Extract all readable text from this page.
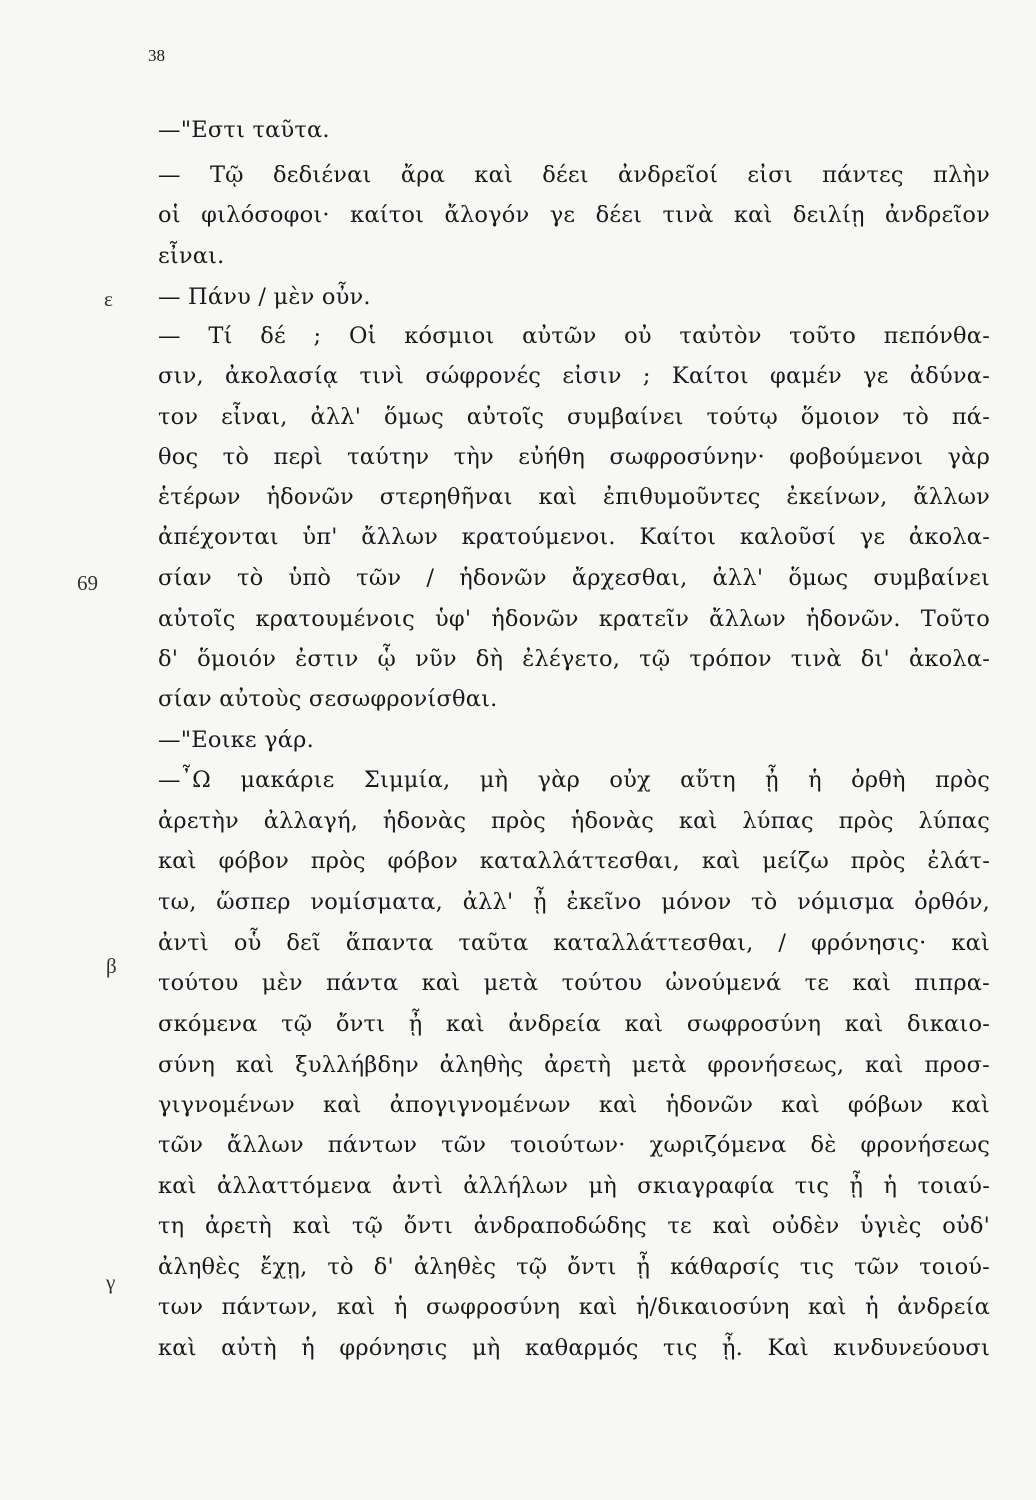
38
ε
69
β
γ
—"Εστι ταῦτα.
— Τῷ δεδιέναι ἄρα καὶ δέει ἀνδρεῖοί εἰσι πάντες πλὴν
οἱ φιλόσοφοι· καίτοι ἄλογόν γε δέει τινὰ καὶ δειλίῃ ἀνδρεῖον
εἶναι.
— Πάνυ / μὲν οὖν.
— Τί δέ ; Οἱ κόσμιοι αὐτῶν οὐ ταὐτὸν τοῦτο πεπόνθα-
σιν, ἀκολασίᾳ τινὶ σώφρονές εἰσιν ; Καίτοι φαμέν γε ἀδύνα-
τον εἶναι, ἀλλ' ὅμως αὐτοῖς συμβαίνει τούτῳ ὅμοιον τὸ πά-
θος τὸ περὶ ταύτην τὴν εὐήθη σωφροσύνην· φοβούμενοι γὰρ
ἑτέρων ἡδονῶν στερηθῆναι καὶ ἐπιθυμοῦντες ἐκείνων, ἄλλων
ἀπέχονται ὑπ' ἄλλων κρατούμενοι. Καίτοι καλοῦσί γε ἀκολα-
σίαν τὸ ὑπὸ τῶν / ἡδονῶν ἄρχεσθαι, ἀλλ' ὅμως συμβαίνει
αὐτοῖς κρατουμένοις ὑφ' ἡδονῶν κρατεῖν ἄλλων ἡδονῶν. Τοῦτο
δ' ὅμοιόν ἐστιν ᾧ νῦν δὴ ἐλέγετο, τῷ τρόπον τινὰ δι' ἀκολα-
σίαν αὐτοὺς σεσωφρονίσθαι.
—"Εοικε γάρ.
—῏Ω μακάριε Σιμμία, μὴ γὰρ οὐχ αὕτη ᾖ ἡ ὀρθὴ πρὸς
ἀρετὴν ἀλλαγή, ἡδονὰς πρὸς ἡδονὰς καὶ λύπας πρὸς λύπας
καὶ φόβον πρὸς φόβον καταλλάττεσθαι, καὶ μείζω πρὸς ἐλάτ-
τω, ὥσπερ νομίσματα, ἀλλ' ᾖ ἐκεῖνο μόνον τὸ νόμισμα ὀρθόν,
ἀντὶ οὗ δεῖ ἅπαντα ταῦτα καταλλάττεσθαι, / φρόνησις· καὶ
τούτου μὲν πάντα καὶ μετὰ τούτου ὠνούμενά τε καὶ πιπρα-
σκόμενα τῷ ὄντι ᾖ καὶ ἀνδρεία καὶ σωφροσύνη καὶ δικαιο-
σύνη καὶ ξυλλήβδην ἀληθὴς ἀρετὴ μετὰ φρονήσεως, καὶ προσ-
γιγνομένων καὶ ἀπογιγνομένων καὶ ἡδονῶν καὶ φόβων καὶ
τῶν ἄλλων πάντων τῶν τοιούτων· χωριζόμενα δὲ φρονήσεως
καὶ ἀλλαττόμενα ἀντὶ ἀλλήλων μὴ σκιαγραφία τις ᾖ ἡ τοιαύ-
τη ἀρετὴ καὶ τῷ ὄντι ἀνδραποδώδης τε καὶ οὐδὲν ὑγιὲς οὐδ'
ἀληθὲς ἔχῃ, τὸ δ' ἀληθὲς τῷ ὄντι ᾖ κάθαρσίς τις τῶν τοιού-
των πάντων, καὶ ἡ σωφροσύνη καὶ ἡ/δικαιοσύνη καὶ ἡ ἀνδρεία
καὶ αὐτὴ ἡ φρόνησις μὴ καθαρμός τις ᾖ. Καὶ κινδυνεύουσι
